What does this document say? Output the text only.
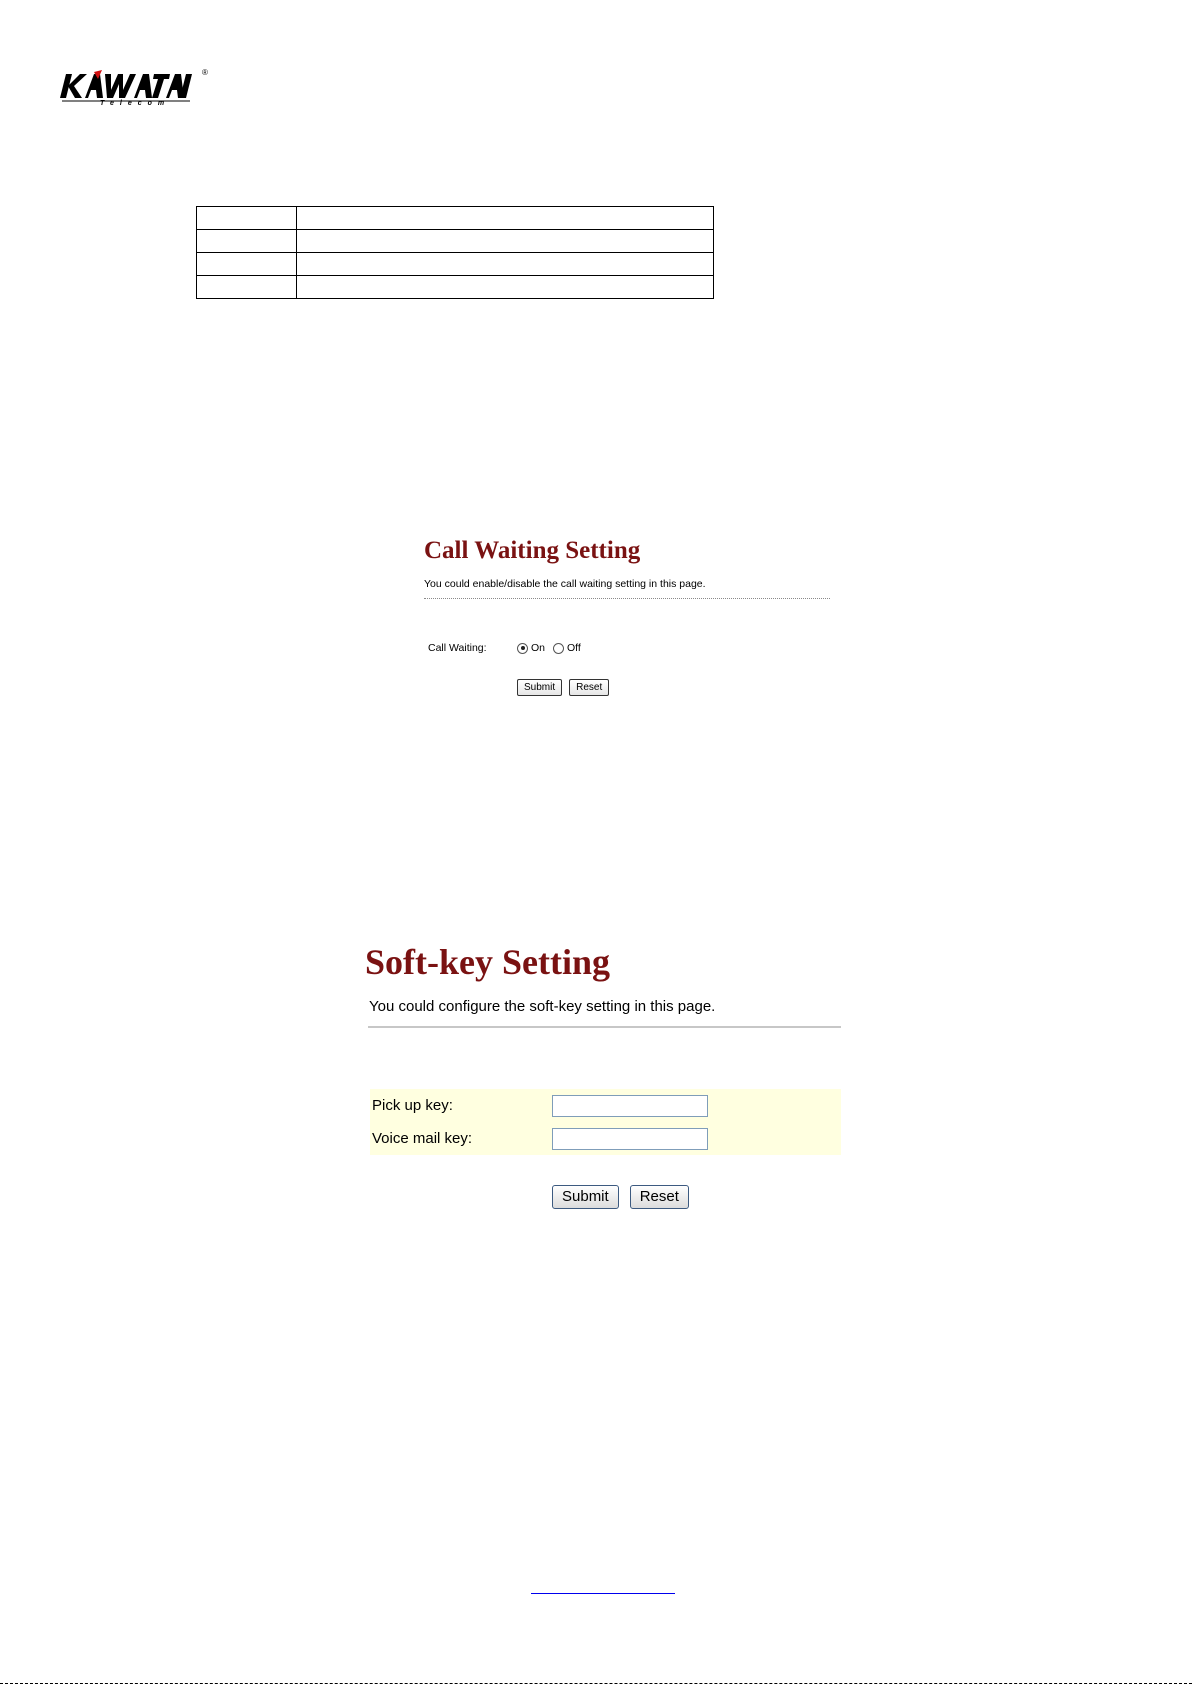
Telecom
®

Call Waiting Setting
You could enable/disable the call waiting setting in this page.
Call Waiting:	On Off
Submit	Reset
Soft-key Setting
You could configure the soft-key setting in this page.
Pick up key:
Voice mail key:
Submit	Reset
